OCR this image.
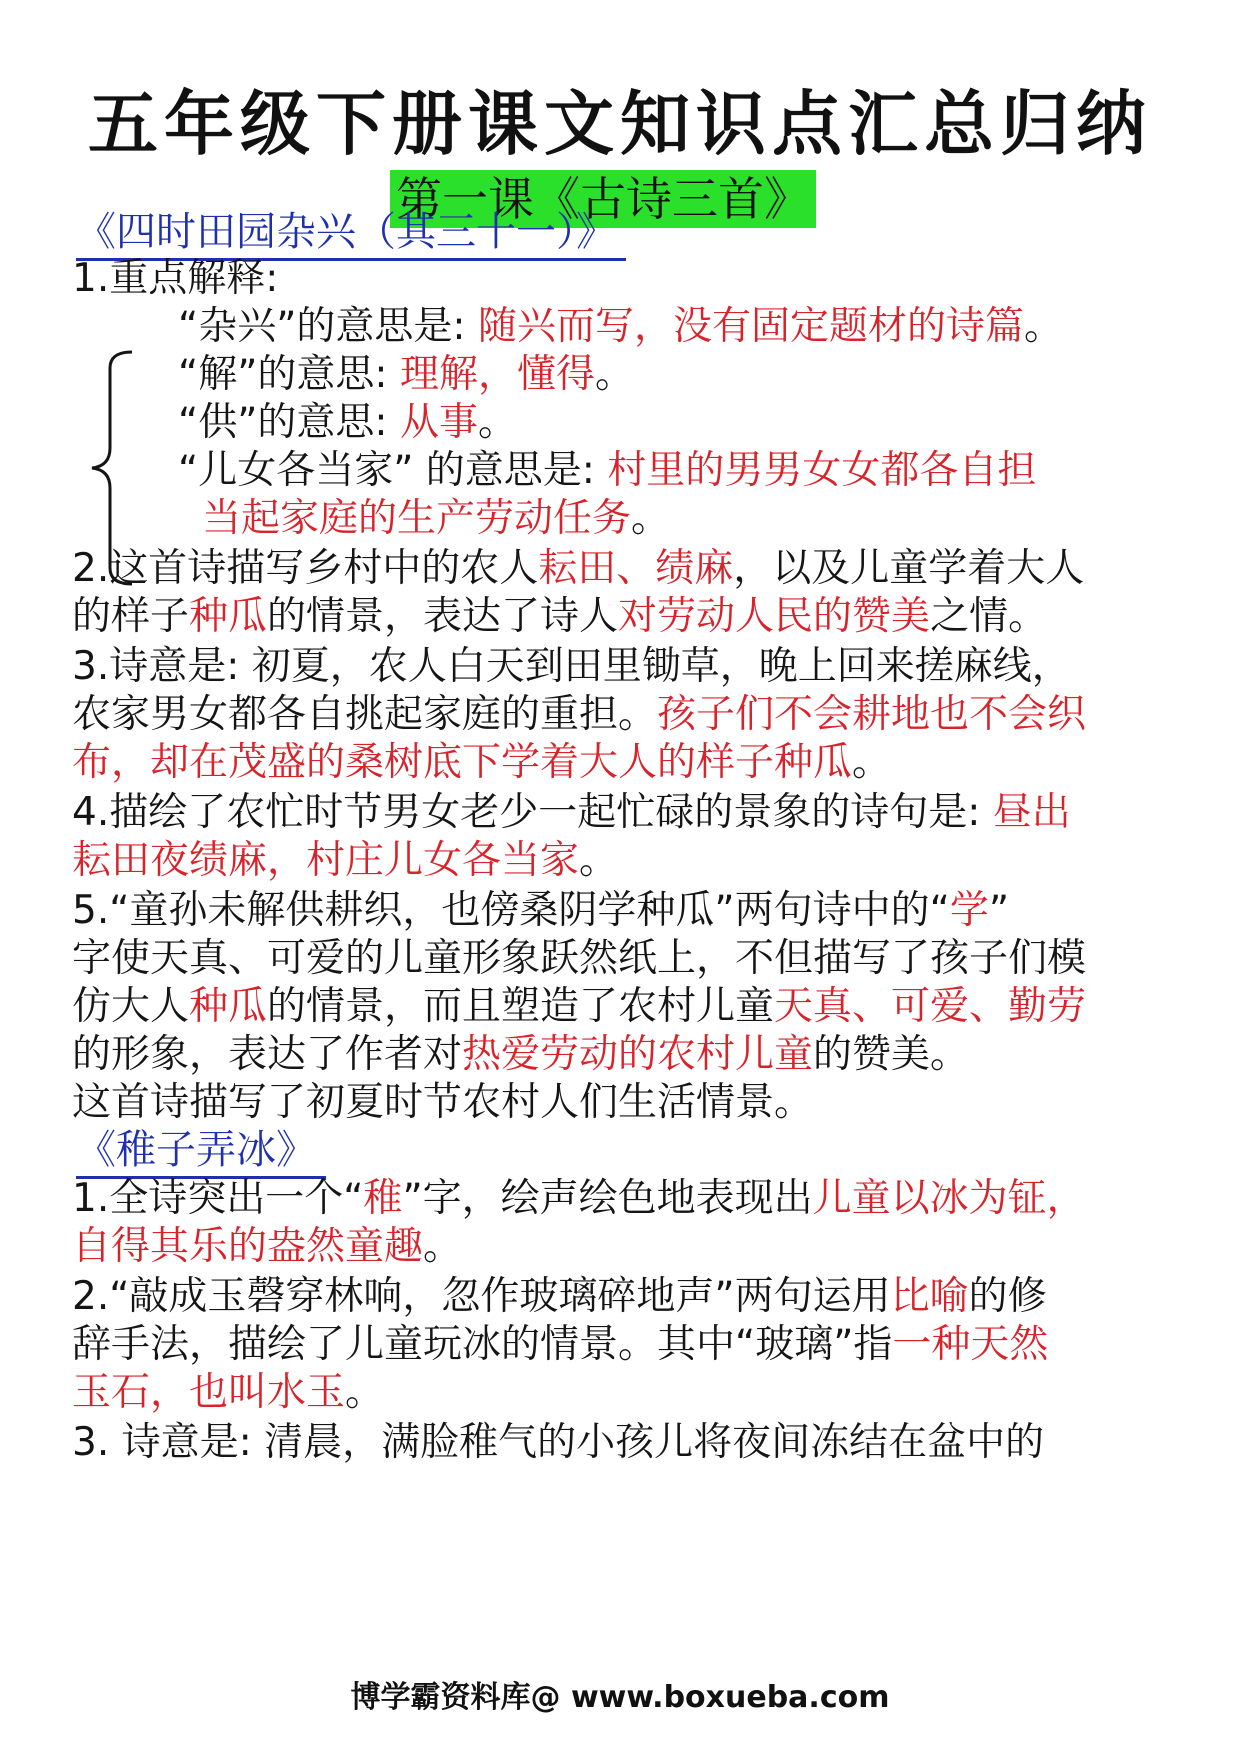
五年级下册课文知识点汇总归纳
第一课《古诗三首》
《四时田园杂兴（其三十一）》
1.重点解释:
“杂兴”的意思是: 随兴而写，没有固定题材的诗篇。
“解”的意思: 理解，懂得。
“供”的意思: 从事。
“儿女各当家” 的意思是: 村里的男男女女都各自担
当起家庭的生产劳动任务。
2.这首诗描写乡村中的农人耘田、绩麻，以及儿童学着大人
的样子种瓜的情景，表达了诗人对劳动人民的赞美之情。
3.诗意是: 初夏，农人白天到田里锄草，晚上回来搓麻线，
农家男女都各自挑起家庭的重担。孩子们不会耕地也不会织
布，却在茂盛的桑树底下学着大人的样子种瓜。
4.描绘了农忙时节男女老少一起忙碌的景象的诗句是: 昼出
耘田夜绩麻，村庄儿女各当家。
5.“童孙未解供耕织，也傍桑阴学种瓜”两句诗中的“学”
字使天真、可爱的儿童形象跃然纸上，不但描写了孩子们模
仿大人种瓜的情景，而且塑造了农村儿童天真、可爱、勤劳
的形象，表达了作者对热爱劳动的农村儿童的赞美。
这首诗描写了初夏时节农村人们生活情景。
《稚子弄冰》
1.全诗突出一个“稚”字，绘声绘色地表现出儿童以冰为钲，
自得其乐的盎然童趣。
2.“敲成玉磬穿林响，忽作玻璃碎地声”两句运用比喻的修
辞手法，描绘了儿童玩冰的情景。其中“玻璃”指一种天然
玉石，也叫水玉。
3. 诗意是: 清晨，满脸稚气的小孩儿将夜间冻结在盆中的
博学霸资料库@ www.boxueba.com
